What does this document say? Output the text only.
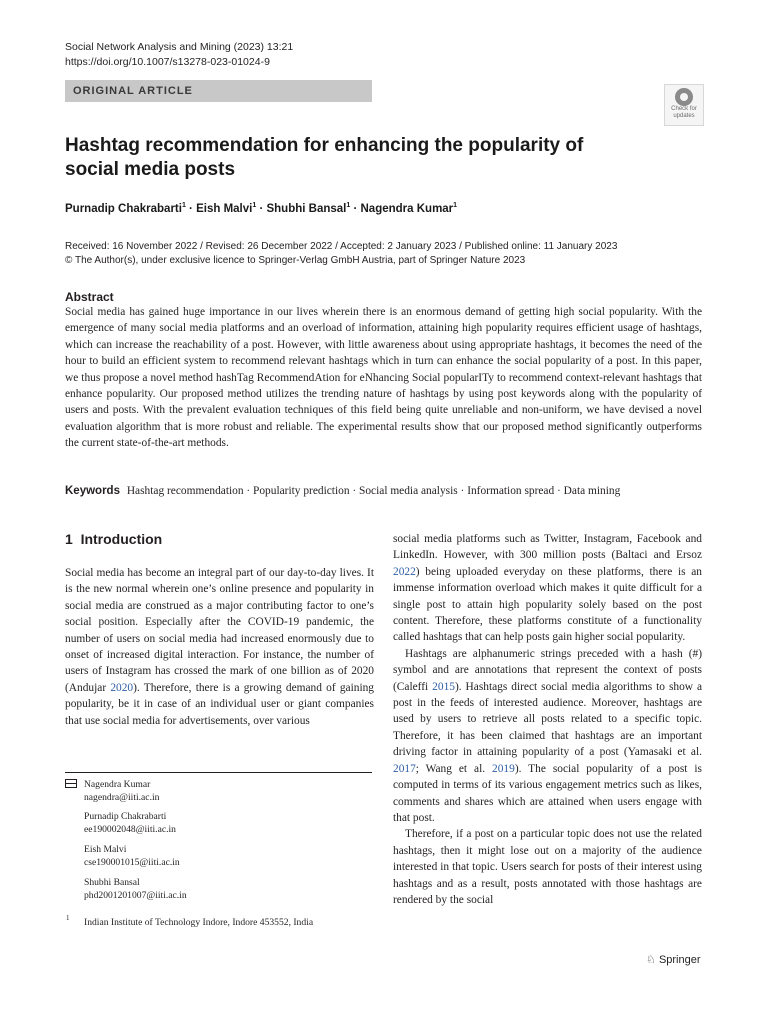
Social Network Analysis and Mining (2023) 13:21
https://doi.org/10.1007/s13278-023-01024-9
ORIGINAL ARTICLE
Check for
updates
Hashtag recommendation for enhancing the popularity of social media posts
Purnadip Chakrabarti$^1$ · Eish Malvi$^1$ · Shubhi Bansal$^1$ · Nagendra Kumar$^1$
Received: 16 November 2022 / Revised: 26 December 2022 / Accepted: 2 January 2023 / Published online: 11 January 2023
© The Author(s), under exclusive licence to Springer-Verlag GmbH Austria, part of Springer Nature 2023
Abstract
Social media has gained huge importance in our lives wherein there is an enormous demand of getting high social popularity. With the emergence of many social media platforms and an overload of information, attaining high popularity requires efficient usage of hashtags, which can increase the reachability of a post. However, with little awareness about using appropriate hashtags, it becomes the need of the hour to build an efficient system to recommend relevant hashtags which in turn can enhance the social popularity of a post. In this paper, we thus propose a novel method hashTag RecommendAtion for eNhancing Social popularITy to recommend context-relevant hashtags that enhance popularity. Our proposed method utilizes the trending nature of hashtags by using post keywords along with the popularity of users and posts. With the prevalent evaluation techniques of this field being quite unreliable and non-uniform, we have devised a novel evaluation algorithm that is more robust and reliable. The experimental results show that our proposed method significantly outperforms the current state-of-the-art methods.
Keywords Hashtag recommendation · Popularity prediction · Social media analysis · Information spread · Data mining
1 Introduction

Social media has become an integral part of our day-to-day lives. It is the new normal wherein one’s online presence and popularity in social media are construed as a major contributing factor to one’s social position. Especially after the COVID-19 pandemic, the number of users on social media had increased enormously due to onset of increased digital interaction. For instance, the number of users of Instagram has crossed the mark of one billion as of 2020 (Andujar 2020). Therefore, there is a growing demand of gaining popularity, be it in case of an individual user or giant companies that use social media for advertisements, over various

Nagendra Kumar
nagendra@iiti.ac.in
Purnadip Chakrabarti
ee190002048@iiti.ac.in
Eish Malvi
cse190001015@iiti.ac.in
Shubhi Bansal
phd2001201007@iiti.ac.in
1 Indian Institute of Technology Indore, Indore 453552, India

social media platforms such as Twitter, Instagram, Facebook and LinkedIn. However, with 300 million posts (Baltaci and Ersoz 2022) being uploaded everyday on these platforms, there is an immense information overload which makes it quite difficult for a single post to attain high popularity solely based on the post content. Therefore, these platforms constitute of a functionality called hashtags that can help posts gain higher social popularity.

Hashtags are alphanumeric strings preceded with a hash (#) symbol and are annotations that represent the context of posts (Caleffi 2015). Hashtags direct social media algorithms to show a post in the feeds of interested audience. Moreover, hashtags are used by users to retrieve all posts related to a specific topic. Therefore, it has been claimed that hashtags are an important driving factor in attaining popularity of a post (Yamasaki et al. 2017; Wang et al. 2019). The social popularity of a post is computed in terms of its various engagement metrics such as likes, comments and shares which are attained when users engage with that post.

Therefore, if a post on a particular topic does not use the related hashtags, then it might lose out on a majority of the audience interested in that topic. Users search for posts of their interest using hashtags and as a result, posts annotated with those hashtags are rendered by the social

♘ Springer
